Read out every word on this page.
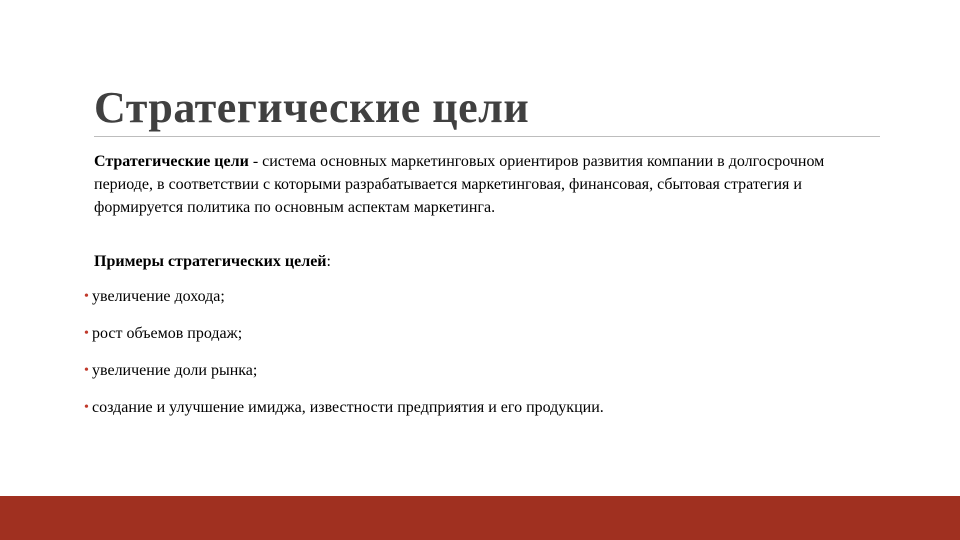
Стратегические цели
Стратегические цели - система основных маркетинговых ориентиров развития компании в долгосрочном периоде, в соответствии с которыми разрабатывается маркетинговая, финансовая, сбытовая стратегия и формируется политика по основным аспектам маркетинга.
Примеры стратегических целей:
• увеличение дохода;
• рост объемов продаж;
• увеличение доли рынка;
• создание и улучшение имиджа, известности предприятия и его продукции.
